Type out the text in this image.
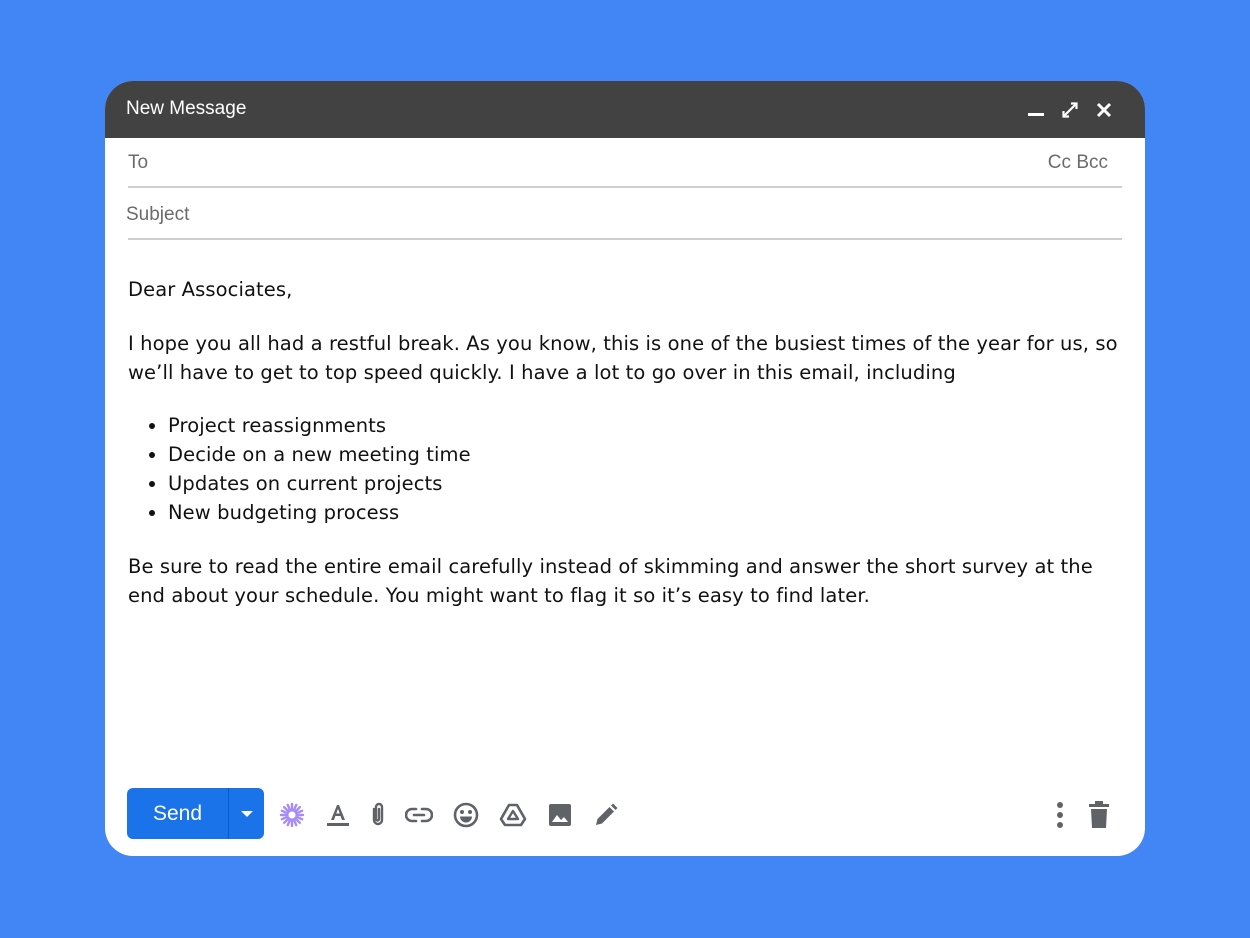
New Message
To	Cc Bcc
Subject

Dear Associates,

I hope you all had a restful break. As you know, this is one of the busiest times of the year for us, so we’ll have to get to top speed quickly. I have a lot to go over in this email, including

• Project reassignments
• Decide on a new meeting time
• Updates on current projects
• New budgeting process

Be sure to read the entire email carefully instead of skimming and answer the short survey at the end about your schedule. You might want to flag it so it’s easy to find later.

Send
